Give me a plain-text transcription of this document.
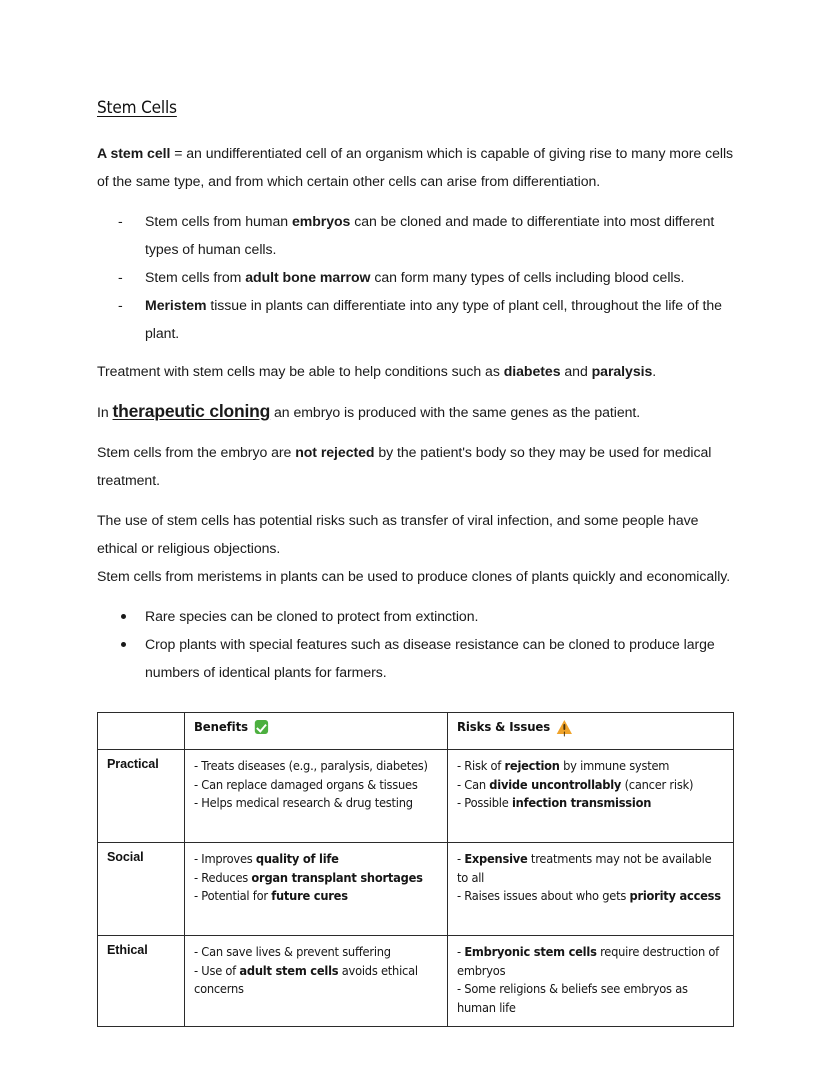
Stem Cells

A stem cell = an undifferentiated cell of an organism which is capable of giving rise to many more cells of the same type, and from which certain other cells can arise from differentiation.

- Stem cells from human embryos can be cloned and made to differentiate into most different types of human cells.
- Stem cells from adult bone marrow can form many types of cells including blood cells.
- Meristem tissue in plants can differentiate into any type of plant cell, throughout the life of the plant.

Treatment with stem cells may be able to help conditions such as diabetes and paralysis.

In therapeutic cloning an embryo is produced with the same genes as the patient.

Stem cells from the embryo are not rejected by the patient's body so they may be used for medical treatment.

The use of stem cells has potential risks such as transfer of viral infection, and some people have ethical or religious objections.

Stem cells from meristems in plants can be used to produce clones of plants quickly and economically.

Rare species can be cloned to protect from extinction.
Crop plants with special features such as disease resistance can be cloned to produce large numbers of identical plants for farmers.

	Benefits	Risks & Issues

Practical	- Treats diseases (e.g., paralysis, diabetes)
- Can replace damaged organs & tissues
- Helps medical research & drug testing	- Risk of rejection by immune system
- Can divide uncontrollably (cancer risk)
- Possible infection transmission

Social	- Improves quality of life
- Reduces organ transplant shortages
- Potential for future cures	- Expensive treatments may not be available to all
- Raises issues about who gets priority access

Ethical	- Can save lives & prevent suffering
- Use of adult stem cells avoids ethical concerns	- Embryonic stem cells require destruction of embryos
- Some religions & beliefs see embryos as human life
